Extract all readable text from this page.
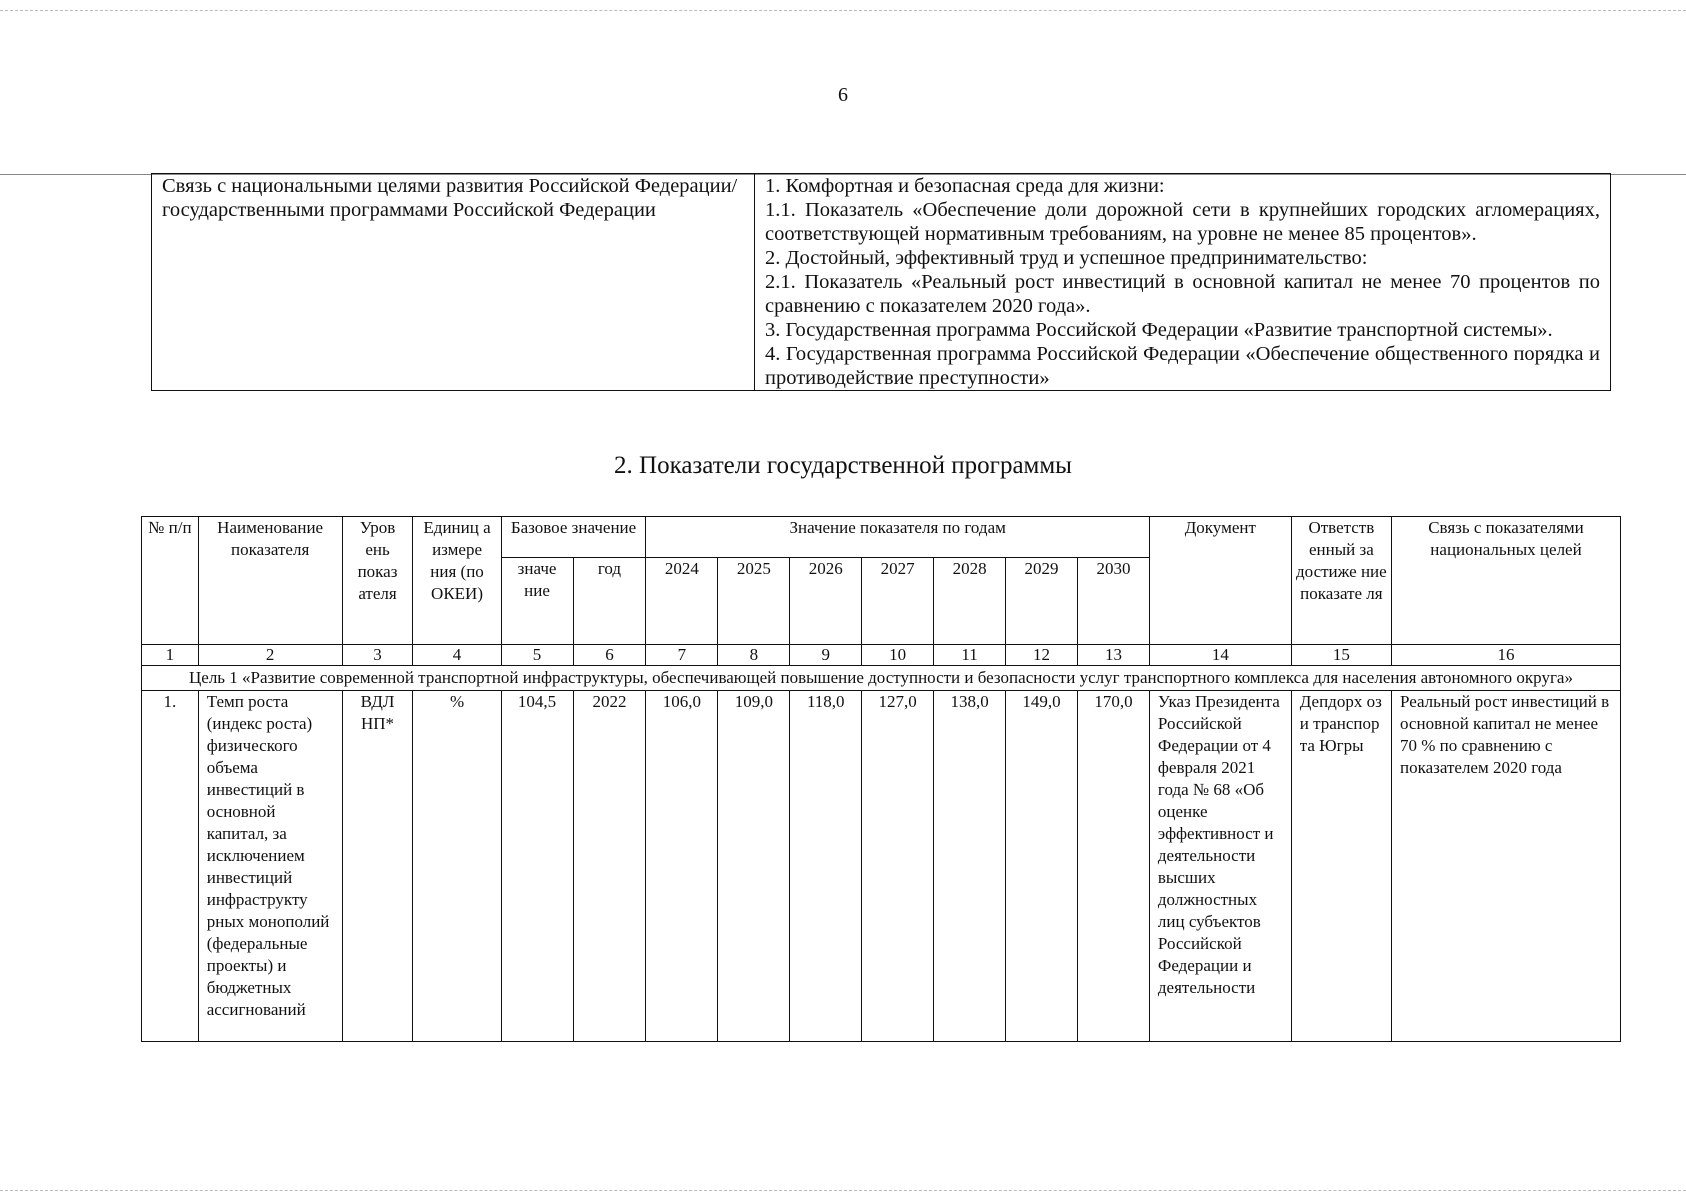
6
Связь с национальными целями развития Российской Федерации/ государственными программами Российской Федерации	

1. Комфортная и безопасная среда для жизни:

1.1. Показатель «Обеспечение доли дорожной сети в крупнейших городских агломерациях, соответствующей нормативным требованиям, на уровне не менее 85 процентов».

2. Достойный, эффективный труд и успешное предпринимательство:

2.1. Показатель «Реальный рост инвестиций в основной капитал не менее 70 процентов по сравнению с показателем 2020 года».

3. Государственная программа Российской Федерации «Развитие транспортной системы».

4. Государственная программа Российской Федерации «Обеспечение общественного порядка и противодействие преступности»

2. Показатели государственной программы
№ п/п	Наименование показателя	Уров ень показ ателя	Единиц а измере ния (по ОКЕИ)	Базовое значение		Значение показателя по годам							Документ	Ответств енный за достиже ние показате ля	Связь с показателями национальных целей
				значе ние	год	2024	2025	2026	2027	2028	2029	2030			
1	2	3	4	5	6	7	8	9	10	11	12	13	14	15	16
Цель 1 «Развитие современной транспортной инфраструктуры, обеспечивающей повышение доступности и безопасности услуг транспортного комплекса для населения автономного округа»															
1.	Темп роста (индекс роста) физического объема инвестиций в основной капитал, за исключением инвестиций инфраструкту рных монополий (федеральные проекты) и бюджетных ассигнований	ВДЛ НП*	%	104,5	2022	106,0	109,0	118,0	127,0	138,0	149,0	170,0	Указ Президента Российской Федерации от 4 февраля 2021 года № 68 «Об оценке эффективност и деятельности высших должностных лиц субъектов Российской Федерации и деятельности	Депдорх оз и транспор та Югры	Реальный рост инвестиций в основной капитал не менее 70 % по сравнению с показателем 2020 года
